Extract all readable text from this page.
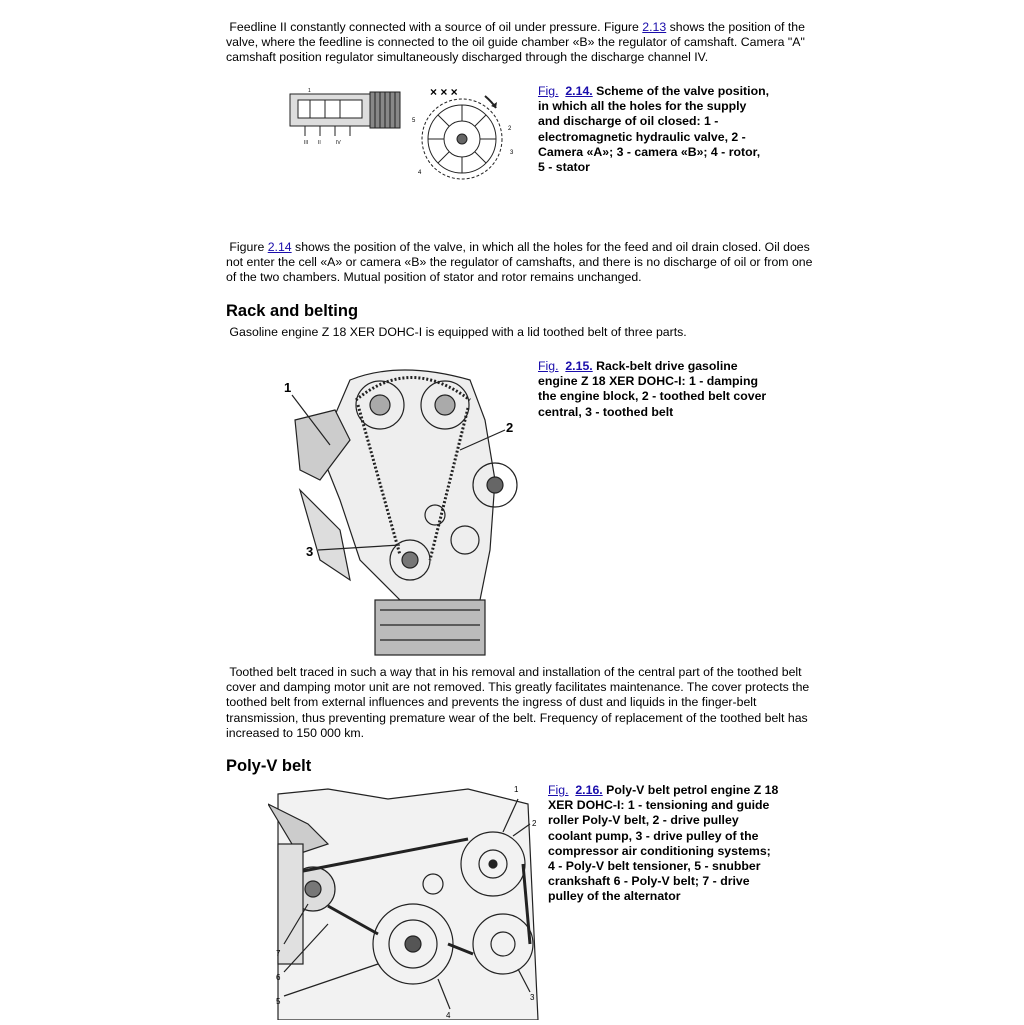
Feedline II constantly connected with a source of oil under pressure. Figure 2.13 shows the position of the valve, where the feedline is connected to the oil guide chamber «B» the regulator of camshaft. Camera "A" camshaft position regulator simultaneously discharged through the discharge channel IV.

× × ×
5
2
3
4
III II	IV
1	Fig. 2.14. Scheme of the valve position, in which all the holes for the supply and discharge of oil closed: 1 - electromagnetic hydraulic valve, 2 - Camera «A»; 3 - camera «B»; 4 - rotor, 5 - stator

Figure 2.14 shows the position of the valve, in which all the holes for the feed and oil drain closed. Oil does not enter the cell «A» or camera «B» the regulator of camshafts, and there is no discharge of oil or from one of the two chambers. Mutual position of stator and rotor remains unchanged.

Rack and belting

Gasoline engine Z 18 XER DOHC-I is equipped with a lid toothed belt of three parts.

1
2
3

Fig. 2.15. Rack-belt drive gasoline engine Z 18 XER DOHC-I: 1 - damping the engine block, 2 - toothed belt cover central, 3 - toothed belt

Toothed belt traced in such a way that in his removal and installation of the central part of the toothed belt cover and damping motor unit are not removed. This greatly facilitates maintenance. The cover protects the toothed belt from external influences and prevents the ingress of dust and liquids in the finger-belt transmission, thus preventing premature wear of the belt. Frequency of replacement of the toothed belt has increased to 150 000 km.

Poly-V belt
1
2
7
6
5
4
3

Fig. 2.16. Poly-V belt petrol engine Z 18 XER DOHC-I: 1 - tensioning and guide roller Poly-V belt, 2 - drive pulley coolant pump, 3 - drive pulley of the compressor air conditioning systems; 4 - Poly-V belt tensioner, 5 - snubber crankshaft 6 - Poly-V belt; 7 - drive pulley of the alternator
